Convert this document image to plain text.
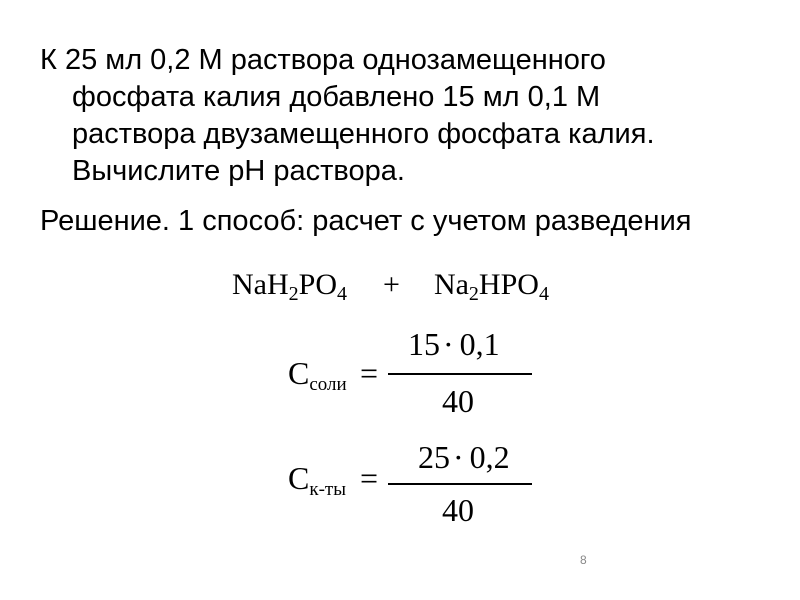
К 25 мл 0,2 М раствора однозамещенного
фосфата калия добавлено 15 мл 0,1 М
раствора двузамещенного фосфата калия.
Вычислите рН раствора.
Решение. 1 способ: расчет с учетом разведения
$NaH_2PO_4 + Na_2HPO_4$
$С_{соли}$ =
15· 0,1
40
$С_{к-ты}$ =
25· 0,2
40
8
